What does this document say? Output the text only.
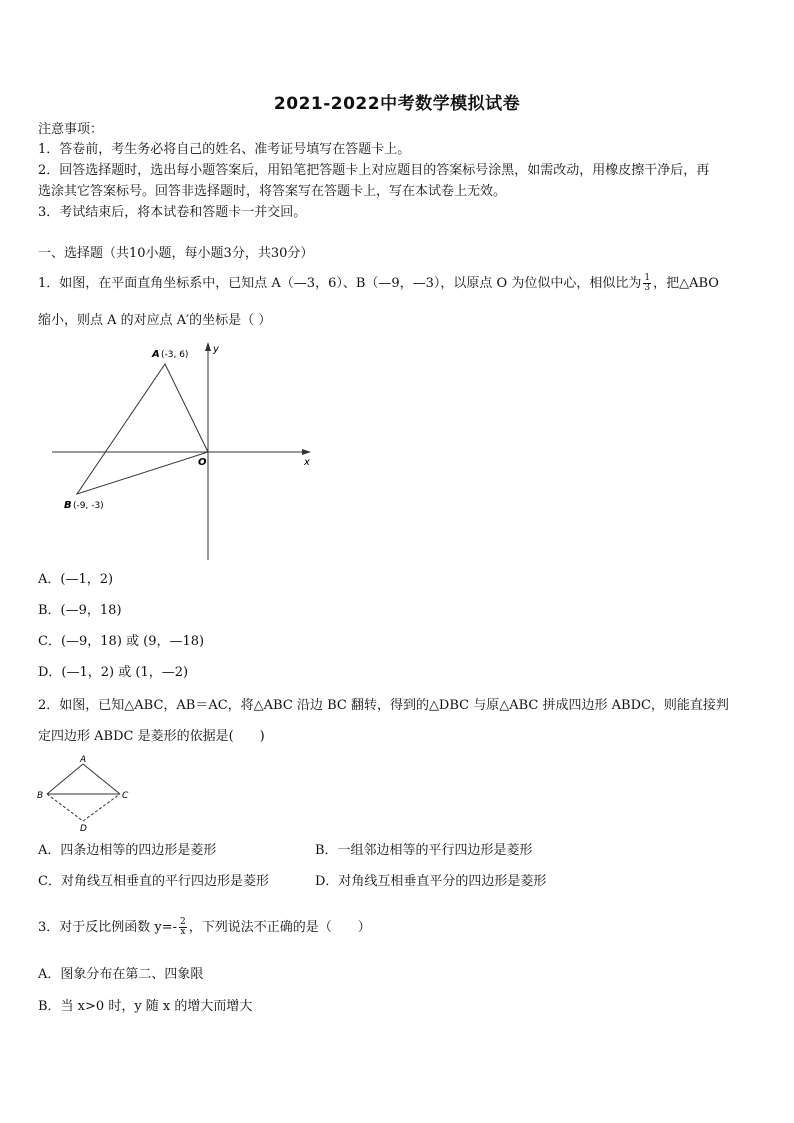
2021-2022中考数学模拟试卷
注意事项：
1．答卷前，考生务必将自己的姓名、准考证号填写在答题卡上。
2．回答选择题时，选出每小题答案后，用铅笔把答题卡上对应题目的答案标号涂黑，如需改动，用橡皮擦干净后，再
选涂其它答案标号。回答非选择题时，将答案写在答题卡上，写在本试卷上无效。
3．考试结束后，将本试卷和答题卡一并交回。
一、选择题（共10小题，每小题3分，共30分）
1．如图，在平面直角坐标系中，已知点 A（—3，6）、B（—9，—3），以原点 O 为位似中心，相似比为 $\frac{1}{3}$ ，把△ABO
缩小，则点 A 的对应点 A′的坐标是（ ）
A (-3, 6)
B (-9, -3)
O	x
y
A．(—1，2)
B．(—9，18)
C．(—9，18) 或 (9，—18)
D．(—1，2) 或 (1，—2)
2．如图，已知△ABC，AB＝AC，将△ABC 沿边 BC 翻转，得到的△DBC 与原△ABC 拼成四边形 ABDC，则能直接判
定四边形 ABDC 是菱形的依据是(　　)
A
B	C
D
A．四条边相等的四边形是菱形	B．一组邻边相等的平行四边形是菱形
C．对角线互相垂直的平行四边形是菱形	D．对角线互相垂直平分的四边形是菱形
3．对于反比例函数 $y=- \frac{2}{x}$ ，下列说法不正确的是（　　）
A．图象分布在第二、四象限
B．当 x>0 时，y 随 x 的增大而增大
